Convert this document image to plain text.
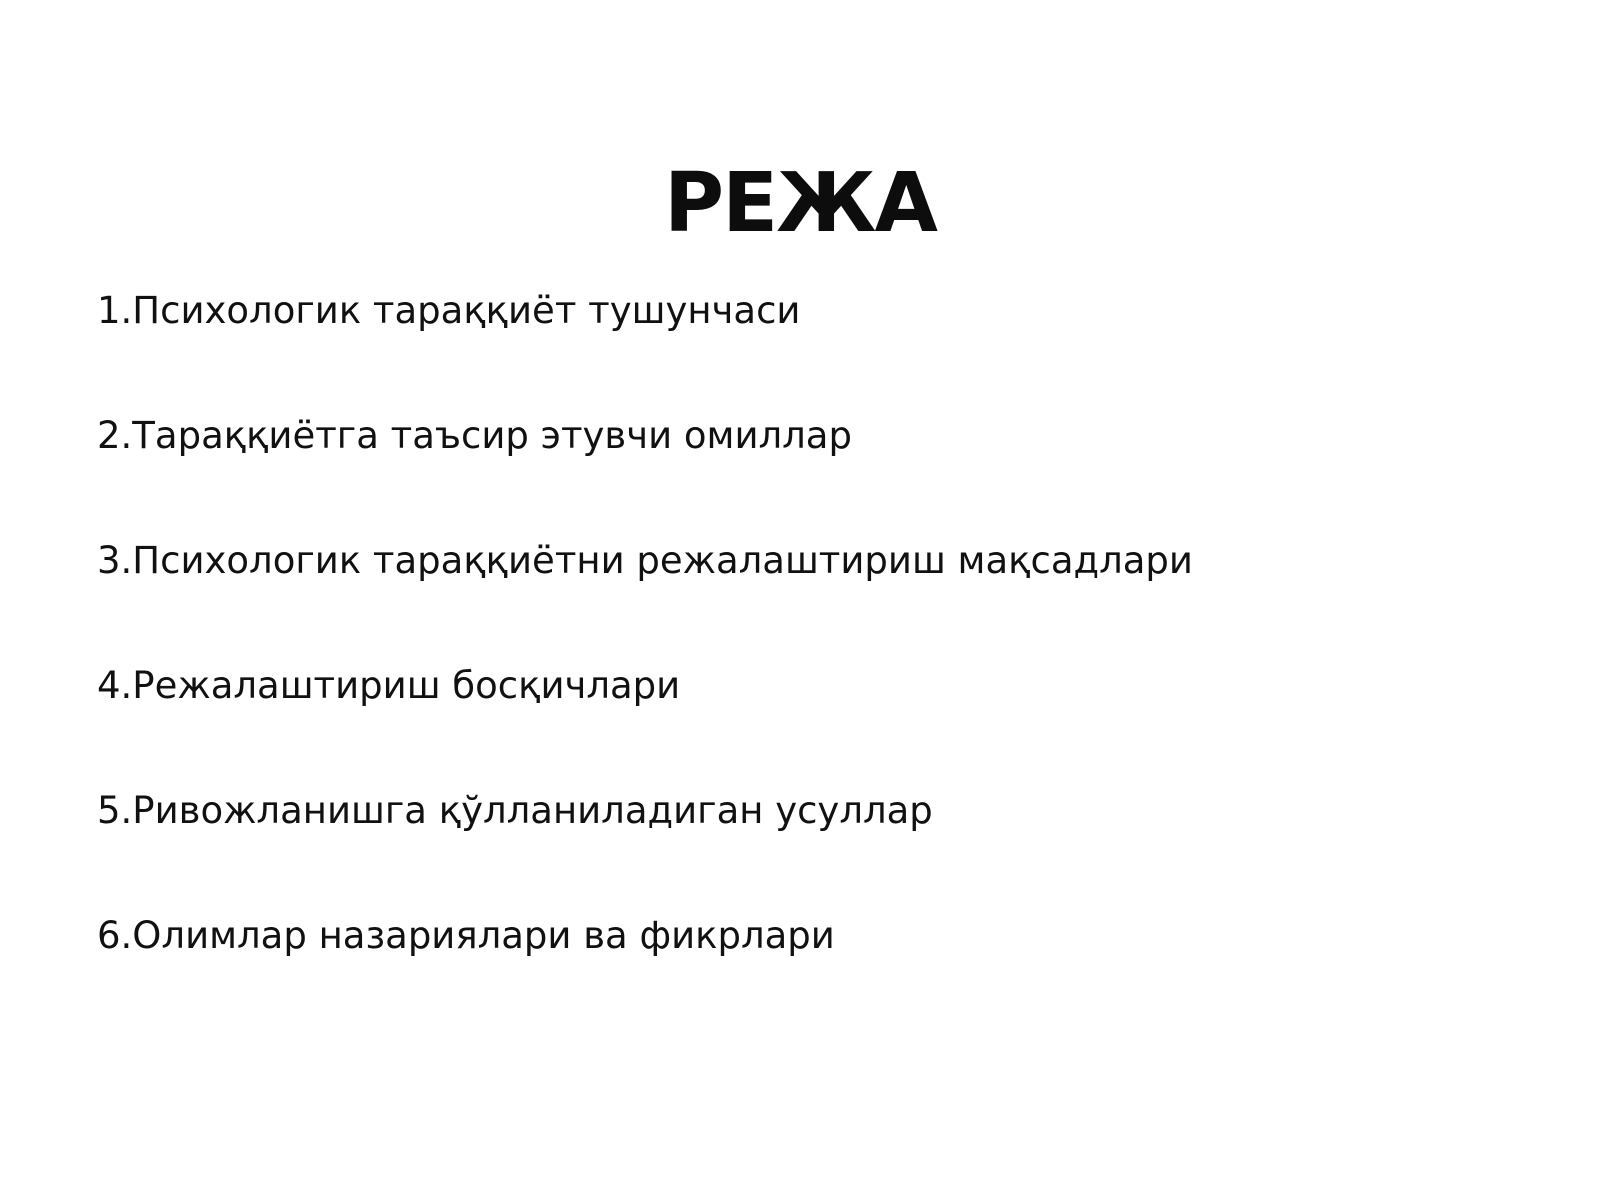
РЕЖА
1.Психологик тараққиёт тушунчаси
2.Тараққиётга таъсир этувчи омиллар
3.Психологик тараққиётни режалаштириш мақсадлари
4.Режалаштириш босқичлари
5.Ривожланишга қўлланиладиган усуллар
6.Олимлар назариялари ва фикрлари
